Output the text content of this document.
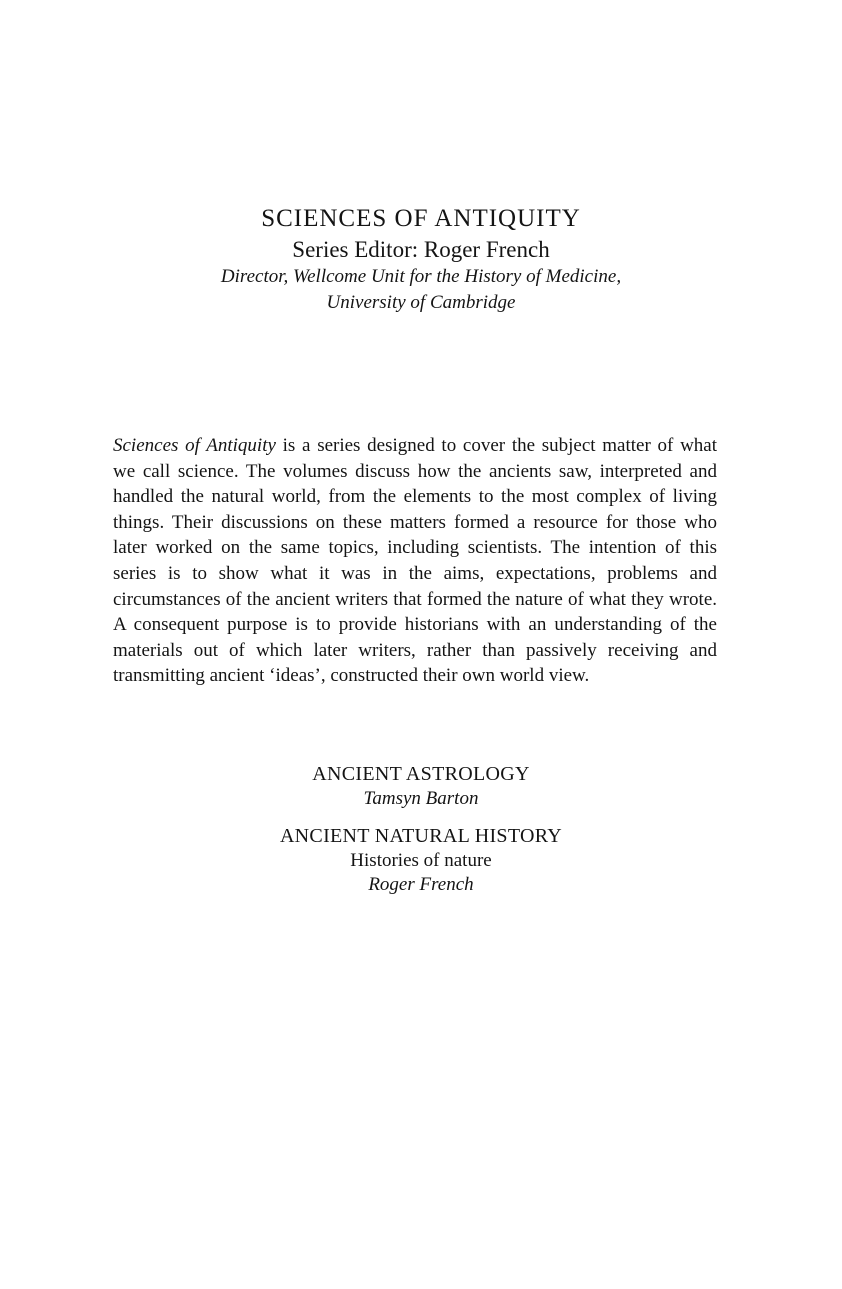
SCIENCES OF ANTIQUITY

Series Editor: Roger French

Director, Wellcome Unit for the History of Medicine,

University of Cambridge

Sciences of Antiquity is a series designed to cover the subject matter of what we call science. The volumes discuss how the ancients saw, interpreted and handled the natural world, from the elements to the most complex of living things. Their discussions on these matters formed a resource for those who later worked on the same topics, including scientists. The intention of this series is to show what it was in the aims, expectations, problems and circumstances of the ancient writers that formed the nature of what they wrote. A consequent purpose is to provide historians with an understanding of the materials out of which later writers, rather than passively receiving and transmitting ancient ‘ideas’, constructed their own world view.

ANCIENT ASTROLOGY

Tamsyn Barton

ANCIENT NATURAL HISTORY

Histories of nature

Roger French
